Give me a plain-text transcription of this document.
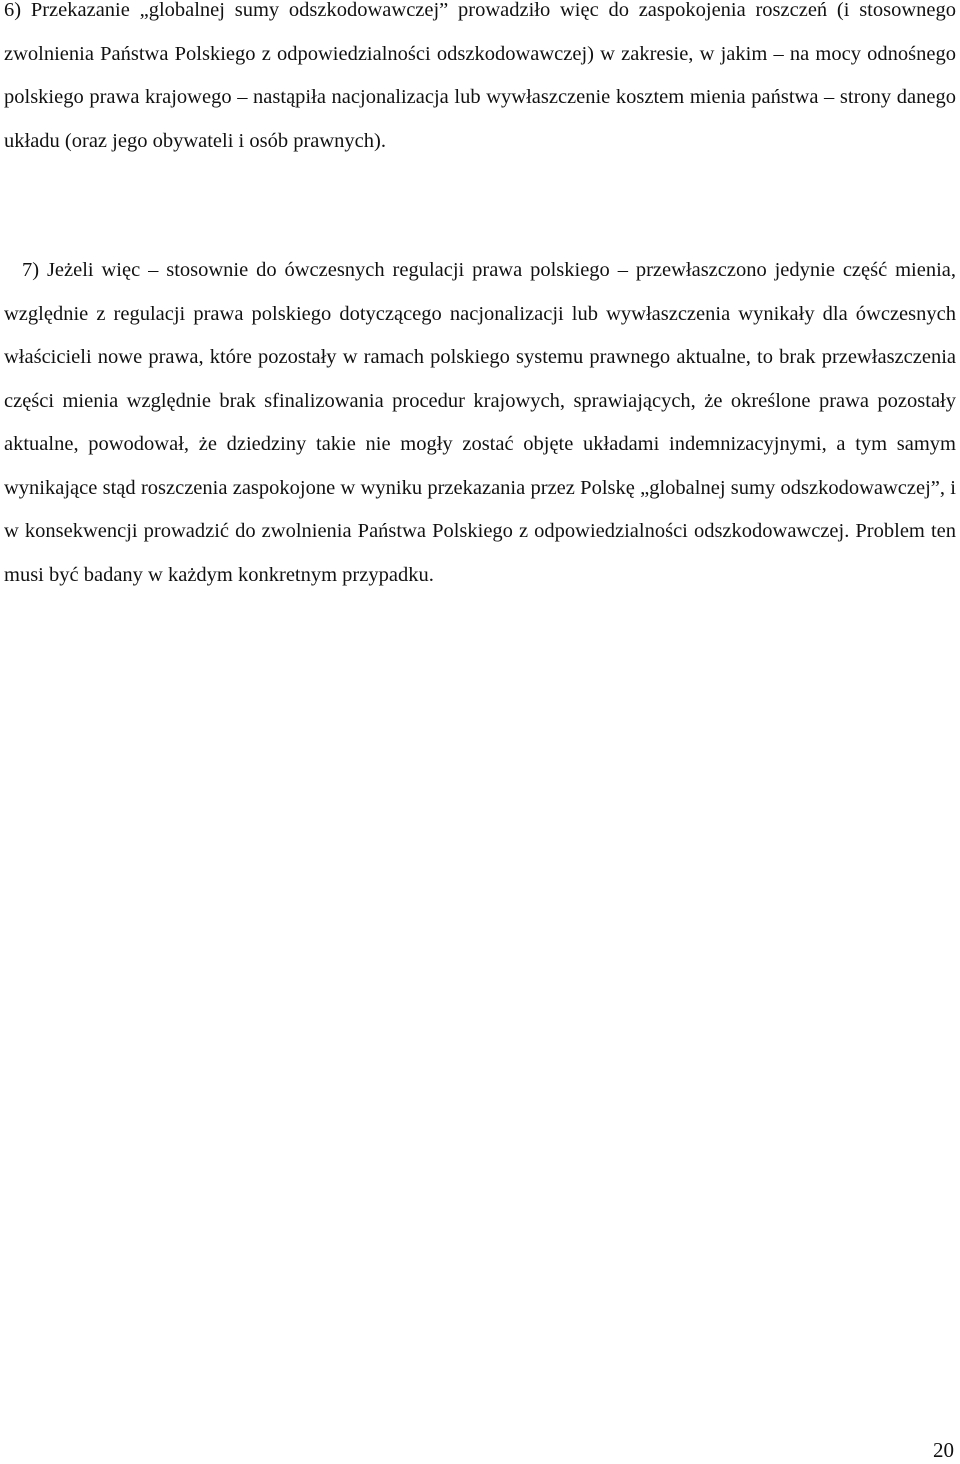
6) Przekazanie „globalnej sumy odszkodowawczej” prowadziło więc do zaspokojenia roszczeń (i stosownego zwolnienia Państwa Polskiego z odpowiedzialności odszkodowawczej) w zakresie, w jakim – na mocy odnośnego polskiego prawa krajowego – nastąpiła nacjonalizacja lub wywłaszczenie kosztem mienia państwa – strony danego układu (oraz jego obywateli i osób prawnych).

7) Jeżeli więc – stosownie do ówczesnych regulacji prawa polskiego – przewłaszczono jedynie część mienia, względnie z regulacji prawa polskiego dotyczącego nacjonalizacji lub wywłaszczenia wynikały dla ówczesnych właścicieli nowe prawa, które pozostały w ramach polskiego systemu prawnego aktualne, to brak przewłaszczenia części mienia względnie brak sfinalizowania procedur krajowych, sprawiających, że określone prawa pozostały aktualne, powodował, że dziedziny takie nie mogły zostać objęte układami indemnizacyjnymi, a tym samym wynikające stąd roszczenia zaspokojone w wyniku przekazania przez Polskę „globalnej sumy odszkodowawczej”, i w konsekwencji prowadzić do zwolnienia Państwa Polskiego z odpowiedzialności odszkodowawczej. Problem ten musi być badany w każdym konkretnym przypadku.

20
